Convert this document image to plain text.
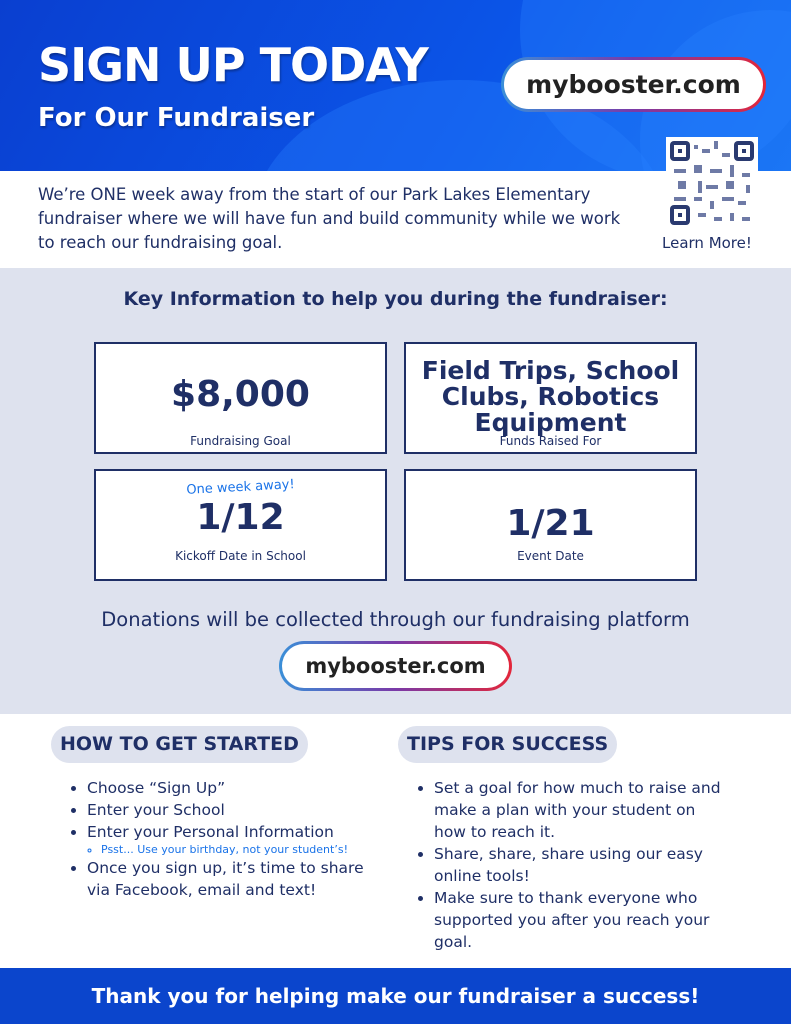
SIGN UP TODAY
For Our Fundraiser
mybooster.com
We’re ONE week away from the start of our Park Lakes Elementary fundraiser where we will have fun and build community while we work to reach our fundraising goal.	Learn More!
Key Information to help you during the fundraiser:
$8,000
Fundraising Goal
Field Trips, School Clubs, Robotics Equipment
Funds Raised For
One week away!
1/12
Kickoff Date in School
1/21
Event Date
Donations will be collected through our fundraising platform
mybooster.com
HOW TO GET STARTED
• Choose “Sign Up”
• Enter your School
• Enter your Personal Information
◦ Psst... Use your birthday, not your student’s!
• Once you sign up, it’s time to share via Facebook, email and text!
TIPS FOR SUCCESS
• Set a goal for how much to raise and make a plan with your student on how to reach it.
• Share, share, share using our easy online tools!
• Make sure to thank everyone who supported you after you reach your goal.
Thank you for helping make our fundraiser a success!
